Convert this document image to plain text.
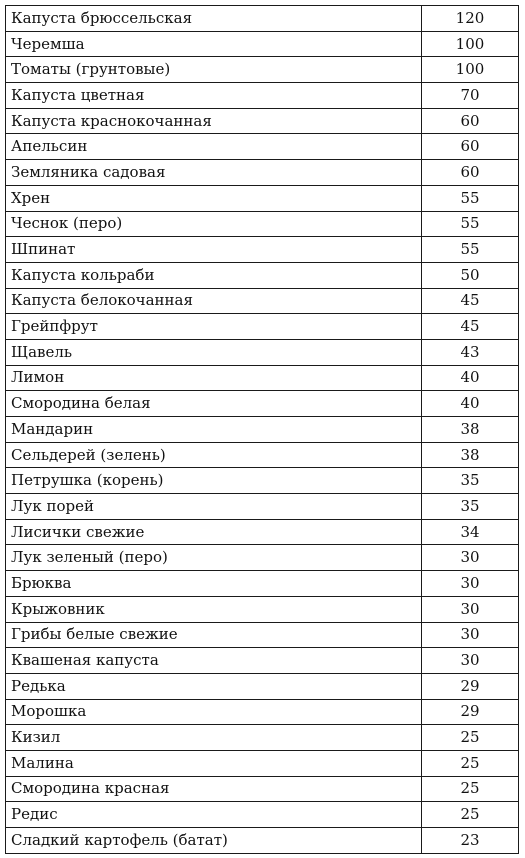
Капуста брюссельская	120
Черемша	100
Томаты (грунтовые)	100
Капуста цветная	70
Капуста краснокочанная	60
Апельсин	60
Земляника садовая	60
Хрен	55
Чеснок (перо)	55
Шпинат	55
Капуста кольраби	50
Капуста белокочанная	45
Грейпфрут	45
Щавель	43
Лимон	40
Смородина белая	40
Мандарин	38
Сельдерей (зелень)	38
Петрушка (корень)	35
Лук порей	35
Лисички свежие	34
Лук зеленый (перо)	30
Брюква	30
Крыжовник	30
Грибы белые свежие	30
Квашеная капуста	30
Редька	29
Морошка	29
Кизил	25
Малина	25
Смородина красная	25
Редис	25
Сладкий картофель (батат)	23
